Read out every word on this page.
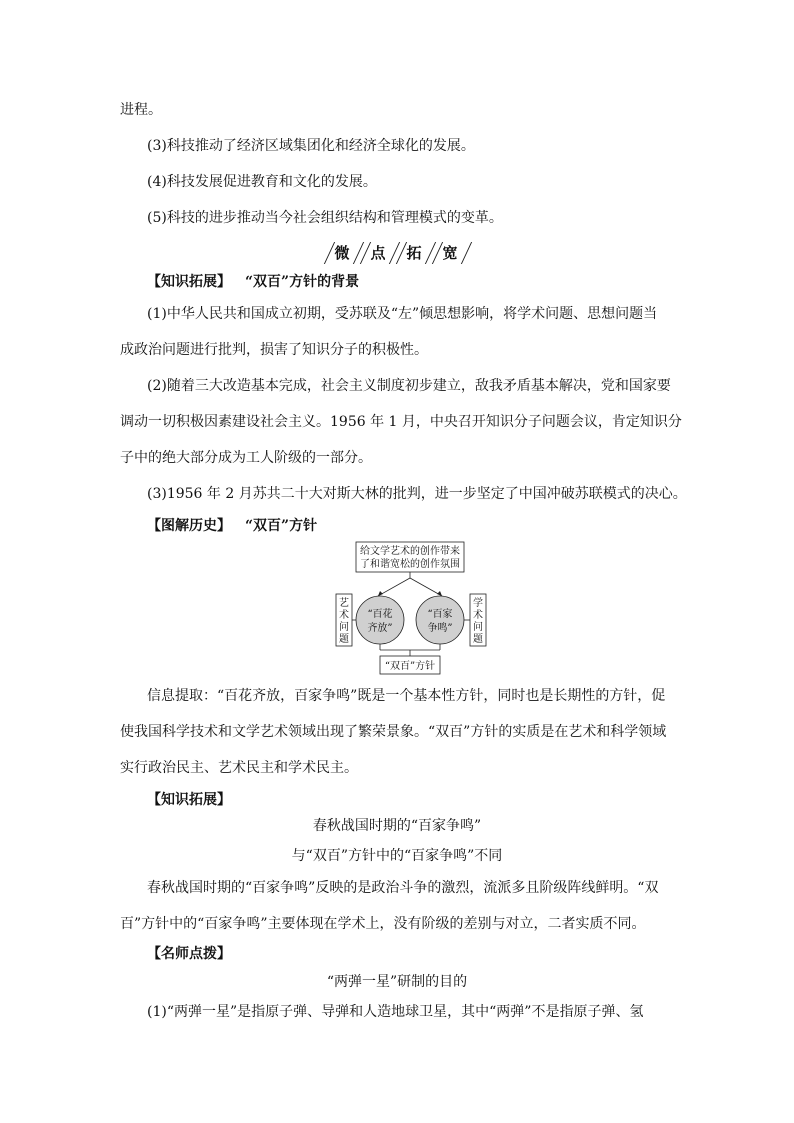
进程。
(3)科技推动了经济区域集团化和经济全球化的发展。
(4)科技发展促进教育和文化的发展。
(5)科技的进步推动当今社会组织结构和管理模式的变革。
微	点	拓	宽
【知识拓展】 “双百”方针的背景
(1)中华人民共和国成立初期，受苏联及“左”倾思想影响，将学术问题、思想问题当
成政治问题进行批判，损害了知识分子的积极性。
(2)随着三大改造基本完成，社会主义制度初步建立，敌我矛盾基本解决，党和国家要
调动一切积极因素建设社会主义。1956 年 1 月，中央召开知识分子问题会议，肯定知识分
子中的绝大部分成为工人阶级的一部分。
(3)1956 年 2 月苏共二十大对斯大林的批判，进一步坚定了中国冲破苏联模式的决心。
【图解历史】 “双百”方针
给文学艺术的创作带来
了和谐宽松的创作氛围
艺
术
问
题
学
术
问
题
“百花
齐放”
“百家
争鸣”
“双百”方针
信息提取：“百花齐放，百家争鸣”既是一个基本性方针，同时也是长期性的方针，促
使我国科学技术和文学艺术领域出现了繁荣景象。“双百”方针的实质是在艺术和科学领域
实行政治民主、艺术民主和学术民主。
【知识拓展】
春秋战国时期的“百家争鸣”
与“双百”方针中的“百家争鸣”不同
春秋战国时期的“百家争鸣”反映的是政治斗争的激烈，流派多且阶级阵线鲜明。“双
百”方针中的“百家争鸣”主要体现在学术上，没有阶级的差别与对立，二者实质不同。
【名师点拨】
“两弹一星”研制的目的
(1)“两弹一星”是指原子弹、导弹和人造地球卫星，其中“两弹”不是指原子弹、氢
